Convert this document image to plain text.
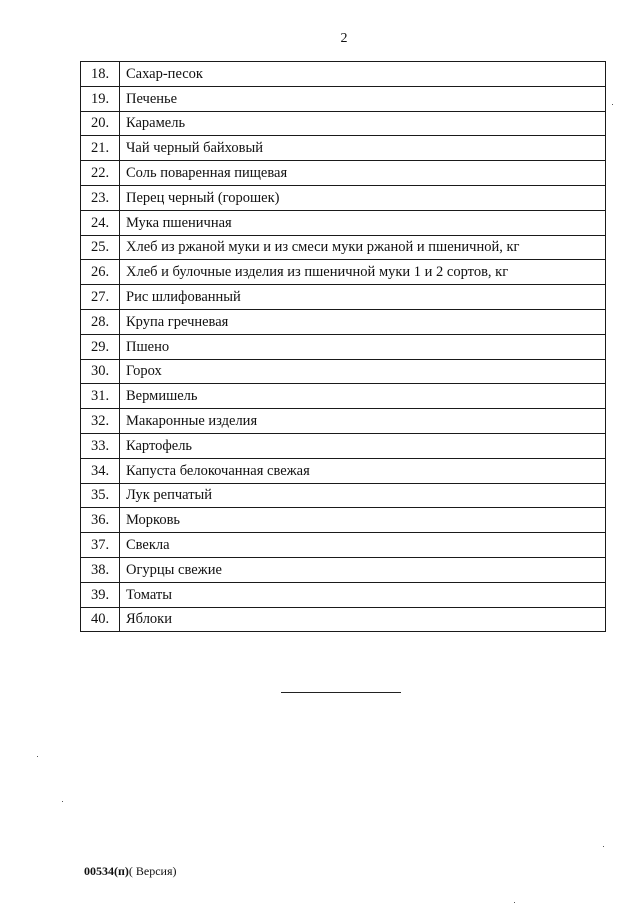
2
18.	Сахар-песок
19.	Печенье
20.	Карамель
21.	Чай черный байховый
22.	Соль поваренная пищевая
23.	Перец черный (горошек)
24.	Мука пшеничная
25.	Хлеб из ржаной муки и из смеси муки ржаной и пшеничной, кг
26.	Хлеб и булочные изделия из пшеничной муки 1 и 2 сортов, кг
27.	Рис шлифованный
28.	Крупа гречневая
29.	Пшено
30.	Горох
31.	Вермишель
32.	Макаронные изделия
33.	Картофель
34.	Капуста белокочанная свежая
35.	Лук репчатый
36.	Морковь
37.	Свекла
38.	Огурцы свежие
39.	Томаты
40.	Яблоки
00534(п)( Версия)
